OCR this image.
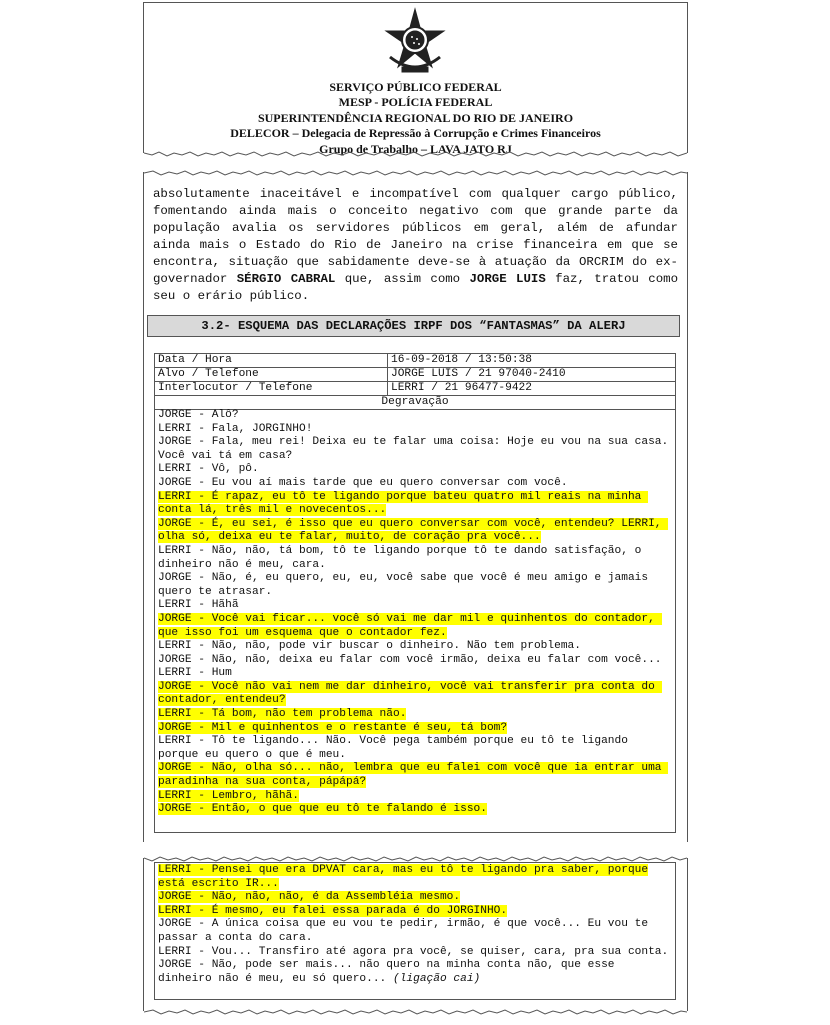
SERVIÇO PÚBLICO FEDERAL
MESP - POLÍCIA FEDERAL
SUPERINTENDÊNCIA REGIONAL DO RIO DE JANEIRO
DELECOR – Delegacia de Repressão à Corrupção e Crimes Financeiros
Grupo de Trabalho – LAVA JATO RJ
absolutamente inaceitável e incompatível com qualquer cargo público, fomentando ainda mais o conceito negativo com que grande parte da população avalia os servidores públicos em geral, além de afundar ainda mais o Estado do Rio de Janeiro na crise financeira em que se encontra, situação que sabidamente deve-se à atuação da ORCRIM do ex-governador SÉRGIO CABRAL que, assim como JORGE LUIS faz, tratou como seu o erário público.
3.2- ESQUEMA DAS DECLARAÇÕES IRPF DOS “FANTASMAS” DA ALERJ
Data / Hora	16-09-2018 / 13:50:38
Alvo / Telefone	JORGE LUIS / 21 97040-2410
Interlocutor / Telefone	LERRI / 21 96477-9422
Degravação	
JORGE - Alô?
LERRI - Fala, JORGINHO!
JORGE - Fala, meu rei! Deixa eu te falar uma coisa: Hoje eu vou na sua casa. Você vai tá em casa?
LERRI - Vô, pô.
JORGE - Eu vou aí mais tarde que eu quero conversar com você.
LERRI - É rapaz, eu tô te ligando porque bateu quatro mil reais na minha conta lá, três mil e novecentos...
JORGE - É, eu sei, é isso que eu quero conversar com você, entendeu? LERRI, olha só, deixa eu te falar, muito, de coração pra você...
LERRI - Não, não, tá bom, tô te ligando porque tô te dando satisfação, o dinheiro não é meu, cara.
JORGE - Não, é, eu quero, eu, eu, você sabe que você é meu amigo e jamais quero te atrasar.
LERRI - Hãhã
JORGE - Você vai ficar... você só vai me dar mil e quinhentos do contador, que isso foi um esquema que o contador fez.
LERRI - Não, não, pode vir buscar o dinheiro. Não tem problema.
JORGE - Não, não, deixa eu falar com você irmão, deixa eu falar com você...
LERRI - Hum
JORGE - Você não vai nem me dar dinheiro, você vai transferir pra conta do contador, entendeu?
LERRI - Tá bom, não tem problema não.
JORGE - Mil e quinhentos e o restante é seu, tá bom?
LERRI - Tô te ligando... Não. Você pega também porque eu tô te ligando porque eu quero o que é meu.
JORGE - Não, olha só... não, lembra que eu falei com você que ia entrar uma paradinha na sua conta, pápápá?
LERRI - Lembro, hãhã.
JORGE - Então, o que que eu tô te falando é isso.
LERRI - Pensei que era DPVAT cara, mas eu tô te ligando pra saber, porque está escrito IR...
JORGE - Não, não, não, é da Assembléia mesmo.
LERRI - É mesmo, eu falei essa parada é do JORGINHO.
JORGE - A única coisa que eu vou te pedir, irmão, é que você... Eu vou te passar a conta do cara.
LERRI - Vou... Transfiro até agora pra você, se quiser, cara, pra sua conta.
JORGE - Não, pode ser mais... não quero na minha conta não, que esse dinheiro não é meu, eu só quero... (ligação cai)
